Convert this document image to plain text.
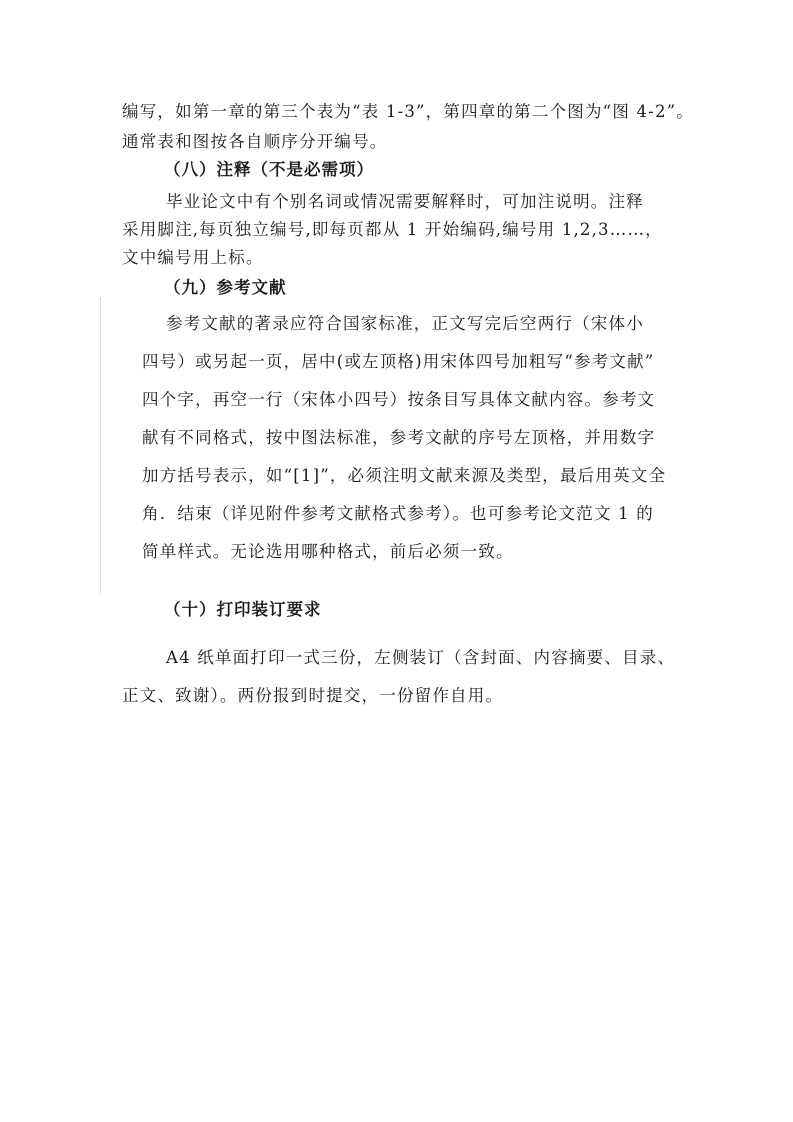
编写，如第一章的第三个表为“表 1-3”，第四章的第二个图为“图 4-2”。
通常表和图按各自顺序分开编号。
（八）注释（不是必需项）
毕业论文中有个别名词或情况需要解释时，可加注说明。注释
采用脚注,每页独立编号,即每页都从 1 开始编码,编号用 1,2,3……，
文中编号用上标。
（九）参考文献
参考文献的著录应符合国家标准，正文写完后空两行（宋体小
四号）或另起一页，居中(或左顶格)用宋体四号加粗写“参考文献”
四个字，再空一行（宋体小四号）按条目写具体文献内容。参考文
献有不同格式，按中图法标准，参考文献的序号左顶格，并用数字
加方括号表示，如“[1]”，必须注明文献来源及类型，最后用英文全
角．结束（详见附件参考文献格式参考）。也可参考论文范文 1 的
简单样式。无论选用哪种格式，前后必须一致。
（十）打印装订要求
A4 纸单面打印一式三份，左侧装订（含封面、内容摘要、目录、
正文、致谢）。两份报到时提交，一份留作自用。
